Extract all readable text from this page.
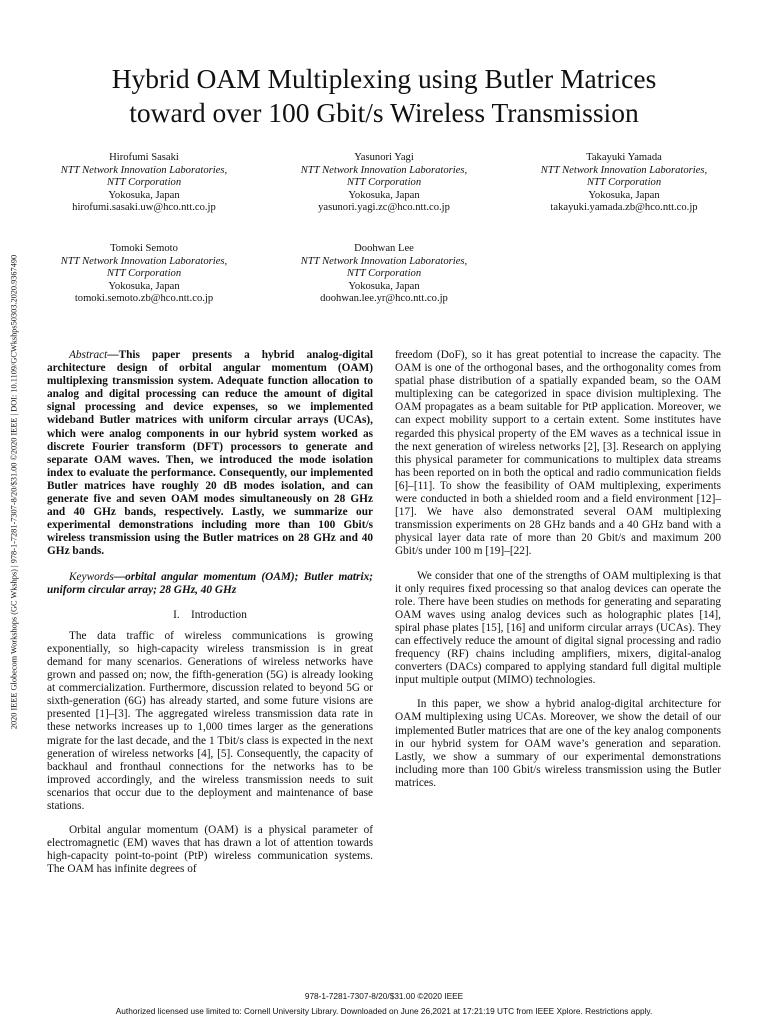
Hybrid OAM Multiplexing using Butler Matrices
toward over 100 Gbit/s Wireless Transmission
Hirofumi Sasaki
NTT Network Innovation Laboratories,
NTT Corporation
Yokosuka, Japan
hirofumi.sasaki.uw@hco.ntt.co.jp
Yasunori Yagi
NTT Network Innovation Laboratories,
NTT Corporation
Yokosuka, Japan
yasunori.yagi.zc@hco.ntt.co.jp
Takayuki Yamada
NTT Network Innovation Laboratories,
NTT Corporation
Yokosuka, Japan
takayuki.yamada.zb@hco.ntt.co.jp
Tomoki Semoto
NTT Network Innovation Laboratories,
NTT Corporation
Yokosuka, Japan
tomoki.semoto.zb@hco.ntt.co.jp
Doohwan Lee
NTT Network Innovation Laboratories,
NTT Corporation
Yokosuka, Japan
doohwan.lee.yr@hco.ntt.co.jp
2020 IEEE Globecom Workshops (GC Wkshps) | 978-1-7281-7307-8/20/$31.00 ©2020 IEEE | DOI: 10.1109/GCWkshps50303.2020.9367490	Abstract—This paper presents a hybrid analog-digital architecture design of orbital angular momentum (OAM) multiplexing transmission system. Adequate function allocation to analog and digital processing can reduce the amount of digital signal processing and device expenses, so we implemented wideband Butler matrices with uniform circular arrays (UCAs), which were analog components in our hybrid system worked as discrete Fourier transform (DFT) processors to generate and separate OAM waves. Then, we introduced the mode isolation index to evaluate the performance. Consequently, our implemented Butler matrices have roughly 20 dB modes isolation, and can generate five and seven OAM modes simultaneously on 28 GHz and 40 GHz bands, respectively. Lastly, we summarize our experimental demonstrations including more than 100 Gbit/s wireless transmission using the Butler matrices on 28 GHz and 40 GHz bands.

Keywords—orbital angular momentum (OAM); Butler matrix; uniform circular array; 28 GHz, 40 GHz

I. Introduction

The data traffic of wireless communications is growing exponentially, so high-capacity wireless transmission is in great demand for many scenarios. Generations of wireless networks have grown and passed on; now, the fifth-generation (5G) is already looking at commercialization. Furthermore, discussion related to beyond 5G or sixth-generation (6G) has already started, and some future visions are presented [1]–[3]. The aggregated wireless transmission data rate in these networks increases up to 1,000 times larger as the generations migrate for the last decade, and the 1 Tbit/s class is expected in the next generation of wireless networks [4], [5]. Consequently, the capacity of backhaul and fronthaul connections for the networks has to be improved accordingly, and the wireless transmission needs to suit scenarios that occur due to the deployment and maintenance of base stations.

Orbital angular momentum (OAM) is a physical parameter of electromagnetic (EM) waves that has drawn a lot of attention towards high-capacity point-to-point (PtP) wireless communication systems. The OAM has infinite degrees of

freedom (DoF), so it has great potential to increase the capacity. The OAM is one of the orthogonal bases, and the orthogonality comes from spatial phase distribution of a spatially expanded beam, so the OAM multiplexing can be categorized in space division multiplexing. The OAM propagates as a beam suitable for PtP application. Moreover, we can expect mobility support to a certain extent. Some institutes have regarded this physical property of the EM waves as a technical issue in the next generation of wireless networks [2], [3]. Research on applying this physical parameter for communications to multiplex data streams has been reported on in both the optical and radio communication fields [6]–[11]. To show the feasibility of OAM multiplexing, experiments were conducted in both a shielded room and a field environment [12]–[17]. We have also demonstrated several OAM multiplexing transmission experiments on 28 GHz bands and a 40 GHz band with a physical layer data rate of more than 20 Gbit/s and maximum 200 Gbit/s under 100 m [19]–[22].

We consider that one of the strengths of OAM multiplexing is that it only requires fixed processing so that analog devices can operate the role. There have been studies on methods for generating and separating OAM waves using analog devices such as holographic plates [14], spiral phase plates [15], [16] and uniform circular arrays (UCAs). They can effectively reduce the amount of digital signal processing and radio frequency (RF) chains including amplifiers, mixers, digital-analog converters (DACs) compared to applying standard full digital multiple input multiple output (MIMO) technologies.

In this paper, we show a hybrid analog-digital architecture for OAM multiplexing using UCAs. Moreover, we show the detail of our implemented Butler matrices that are one of the key analog components in our hybrid system for OAM wave’s generation and separation. Lastly, we show a summary of our experimental demonstrations including more than 100 Gbit/s wireless transmission using the Butler matrices.

978-1-7281-7307-8/20/$31.00 ©2020 IEEE
Authorized licensed use limited to: Cornell University Library. Downloaded on June 26,2021 at 17:21:19 UTC from IEEE Xplore. Restrictions apply.
